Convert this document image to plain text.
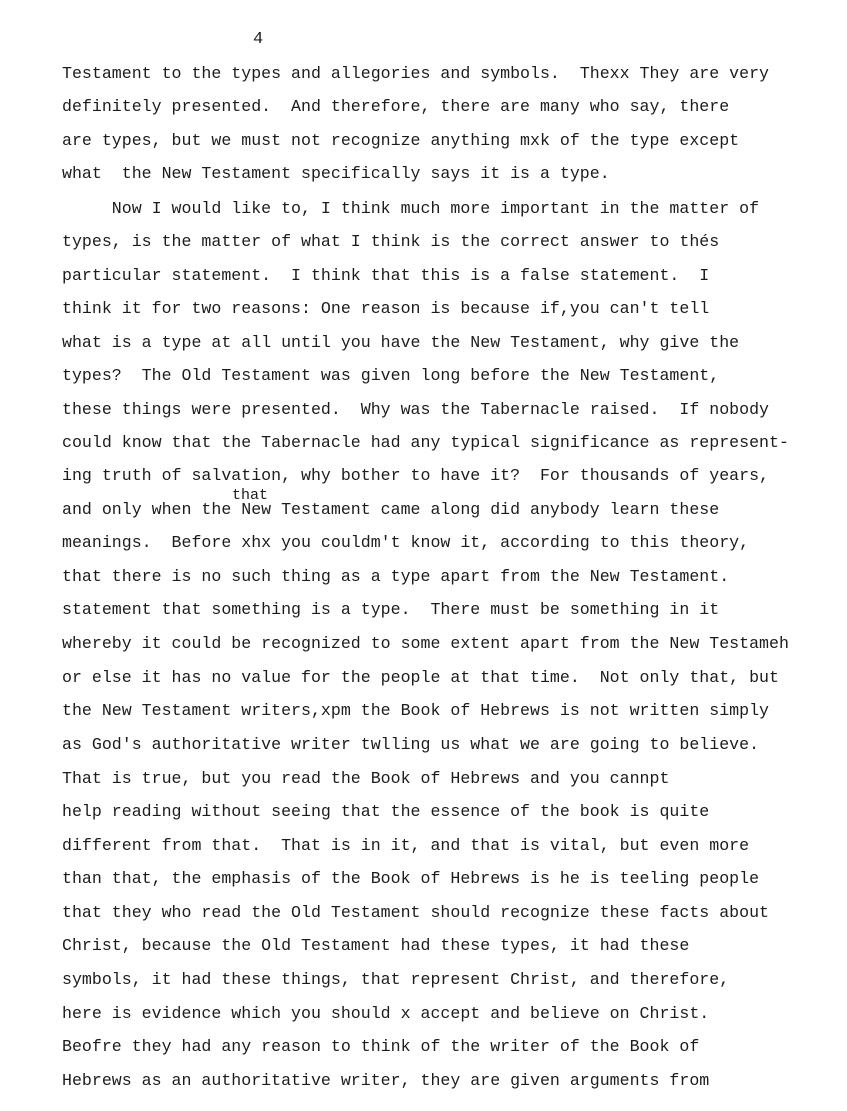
4
that
Testament to the types and allegories and symbols.  Thexx They are very
definitely presented.  And therefore, there are many who say, there
are types, but we must not recognize anything mxk of the type except
what  the New Testament specifically says it is a type.
Now I would like to, I think much more important in the matter of
types, is the matter of what I think is the correct answer to thés
particular statement.  I think that this is a false statement.  I
think it for two reasons: One reason is because if,you can't tell
what is a type at all until you have the New Testament, why give the
types?  The Old Testament was given long before the New Testament,
these things were presented.  Why was the Tabernacle raised.  If nobody
could know that the Tabernacle had any typical significance as represent-
ing truth of salvation, why bother to have it?  For thousands of years,
and only when the New Testament came along did anybody learn these
meanings.  Before xhx you couldm't know it, according to this theory,
that there is no such thing as a type apart from the New Testament.
statement that something is a type.  There must be something in it
whereby it could be recognized to some extent apart from the New Testameh
or else it has no value for the people at that time.  Not only that, but
the New Testament writers,xpm the Book of Hebrews is not written simply
as God's authoritative writer twlling us what we are going to believe.
That is true, but you read the Book of Hebrews and you cannpt
help reading without seeing that the essence of the book is quite
different from that.  That is in it, and that is vital, but even more
than that, the emphasis of the Book of Hebrews is he is teeling people
that they who read the Old Testament should recognize these facts about
Christ, because the Old Testament had these types, it had these
symbols, it had these things, that represent Christ, and therefore,
here is evidence which you should x accept and believe on Christ.
Beofre they had any reason to think of the writer of the Book of
Hebrews as an authoritative writer, they are given arguments from
